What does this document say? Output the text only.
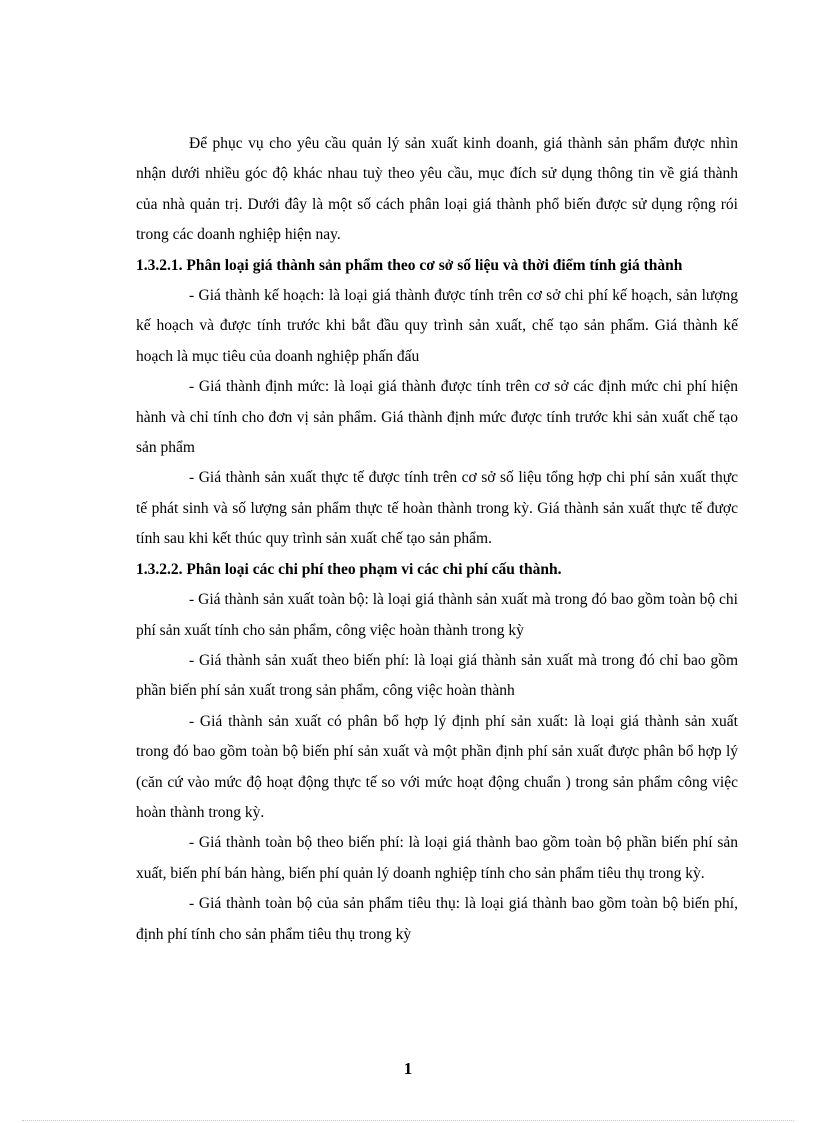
Để phục vụ cho yêu cầu quản lý sản xuất kinh doanh, giá thành sản phẩm được nhìn nhận dưới nhiều góc độ khác nhau tuỳ theo yêu cầu, mục đích sử dụng thông tin về giá thành của nhà quản trị. Dưới đây là một số cách phân loại giá thành phổ biến được sử dụng rộng rói trong các doanh nghiệp hiện nay.

1.3.2.1. Phân loại giá thành sản phẩm theo cơ sở số liệu và thời điểm tính giá thành

- Giá thành kế hoạch: là loại giá thành được tính trên cơ sở chi phí kế hoạch, sản lượng kế hoạch và được tính trước khi bắt đầu quy trình sản xuất, chế tạo sản phẩm. Giá thành kế hoạch là mục tiêu của doanh nghiệp phấn đấu

- Giá thành định mức: là loại giá thành được tính trên cơ sở các định mức chi phí hiện hành và chỉ tính cho đơn vị sản phẩm. Giá thành định mức được tính trước khi sản xuất chế tạo sản phẩm

- Giá thành sản xuất thực tế được tính trên cơ sở số liệu tổng hợp chi phí sản xuất thực tế phát sinh và số lượng sản phẩm thực tế hoàn thành trong kỳ. Giá thành sản xuất thực tế được tính sau khi kết thúc quy trình sản xuất chế tạo sản phẩm.

1.3.2.2. Phân loại các chi phí theo phạm vi các chi phí cấu thành.

- Giá thành sản xuất toàn bộ: là loại giá thành sản xuất mà trong đó bao gồm toàn bộ chi phí sản xuất tính cho sản phẩm, công việc hoàn thành trong kỳ

- Giá thành sản xuất theo biến phí: là loại giá thành sản xuất mà trong đó chỉ bao gồm phần biến phí sản xuất trong sản phẩm, công việc hoàn thành

- Giá thành sản xuất có phân bổ hợp lý định phí sản xuất: là loại giá thành sản xuất trong đó bao gồm toàn bộ biến phí sản xuất và một phần định phí sản xuất được phân bổ hợp lý (căn cứ vào mức độ hoạt động thực tế so với mức hoạt động chuẩn ) trong sản phẩm công việc hoàn thành trong kỳ.

- Giá thành toàn bộ theo biến phí: là loại giá thành bao gồm toàn bộ phần biến phí sản xuất, biến phí bán hàng, biến phí quản lý doanh nghiệp tính cho sản phẩm tiêu thụ trong kỳ.

- Giá thành toàn bộ của sản phẩm tiêu thụ: là loại giá thành bao gồm toàn bộ biến phí, định phí tính cho sản phẩm tiêu thụ trong kỳ

1
